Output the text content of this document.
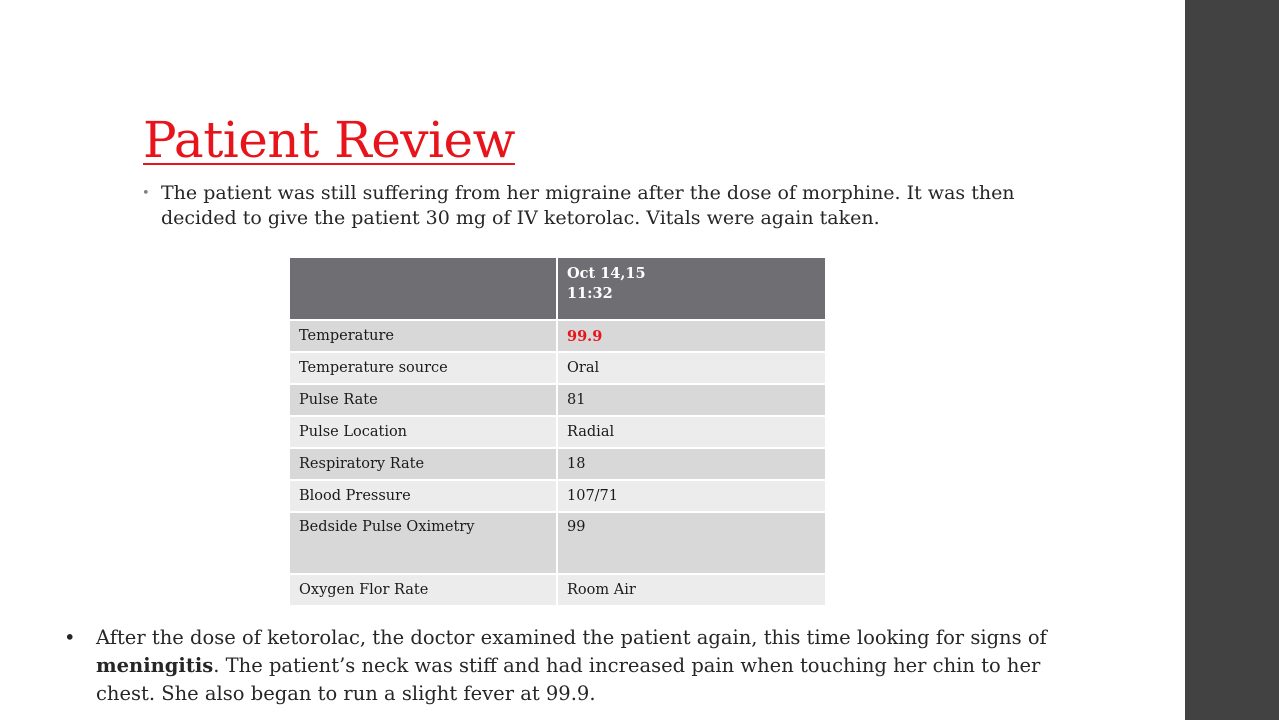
Patient Review
• The patient was still suffering from her migraine after the dose of morphine. It was then decided to give the patient 30 mg of IV ketorolac. Vitals were again taken.
	Oct 14,15
11:32
Temperature	99.9
Temperature source	Oral
Pulse Rate	81
Pulse Location	Radial
Respiratory Rate	18
Blood Pressure	107/71
Bedside Pulse Oximetry	99
Oxygen Flor Rate	Room Air
• After the dose of ketorolac, the doctor examined the patient again, this time looking for signs of meningitis. The patient’s neck was stiff and had increased pain when touching her chin to her chest. She also began to run a slight fever at 99.9.
